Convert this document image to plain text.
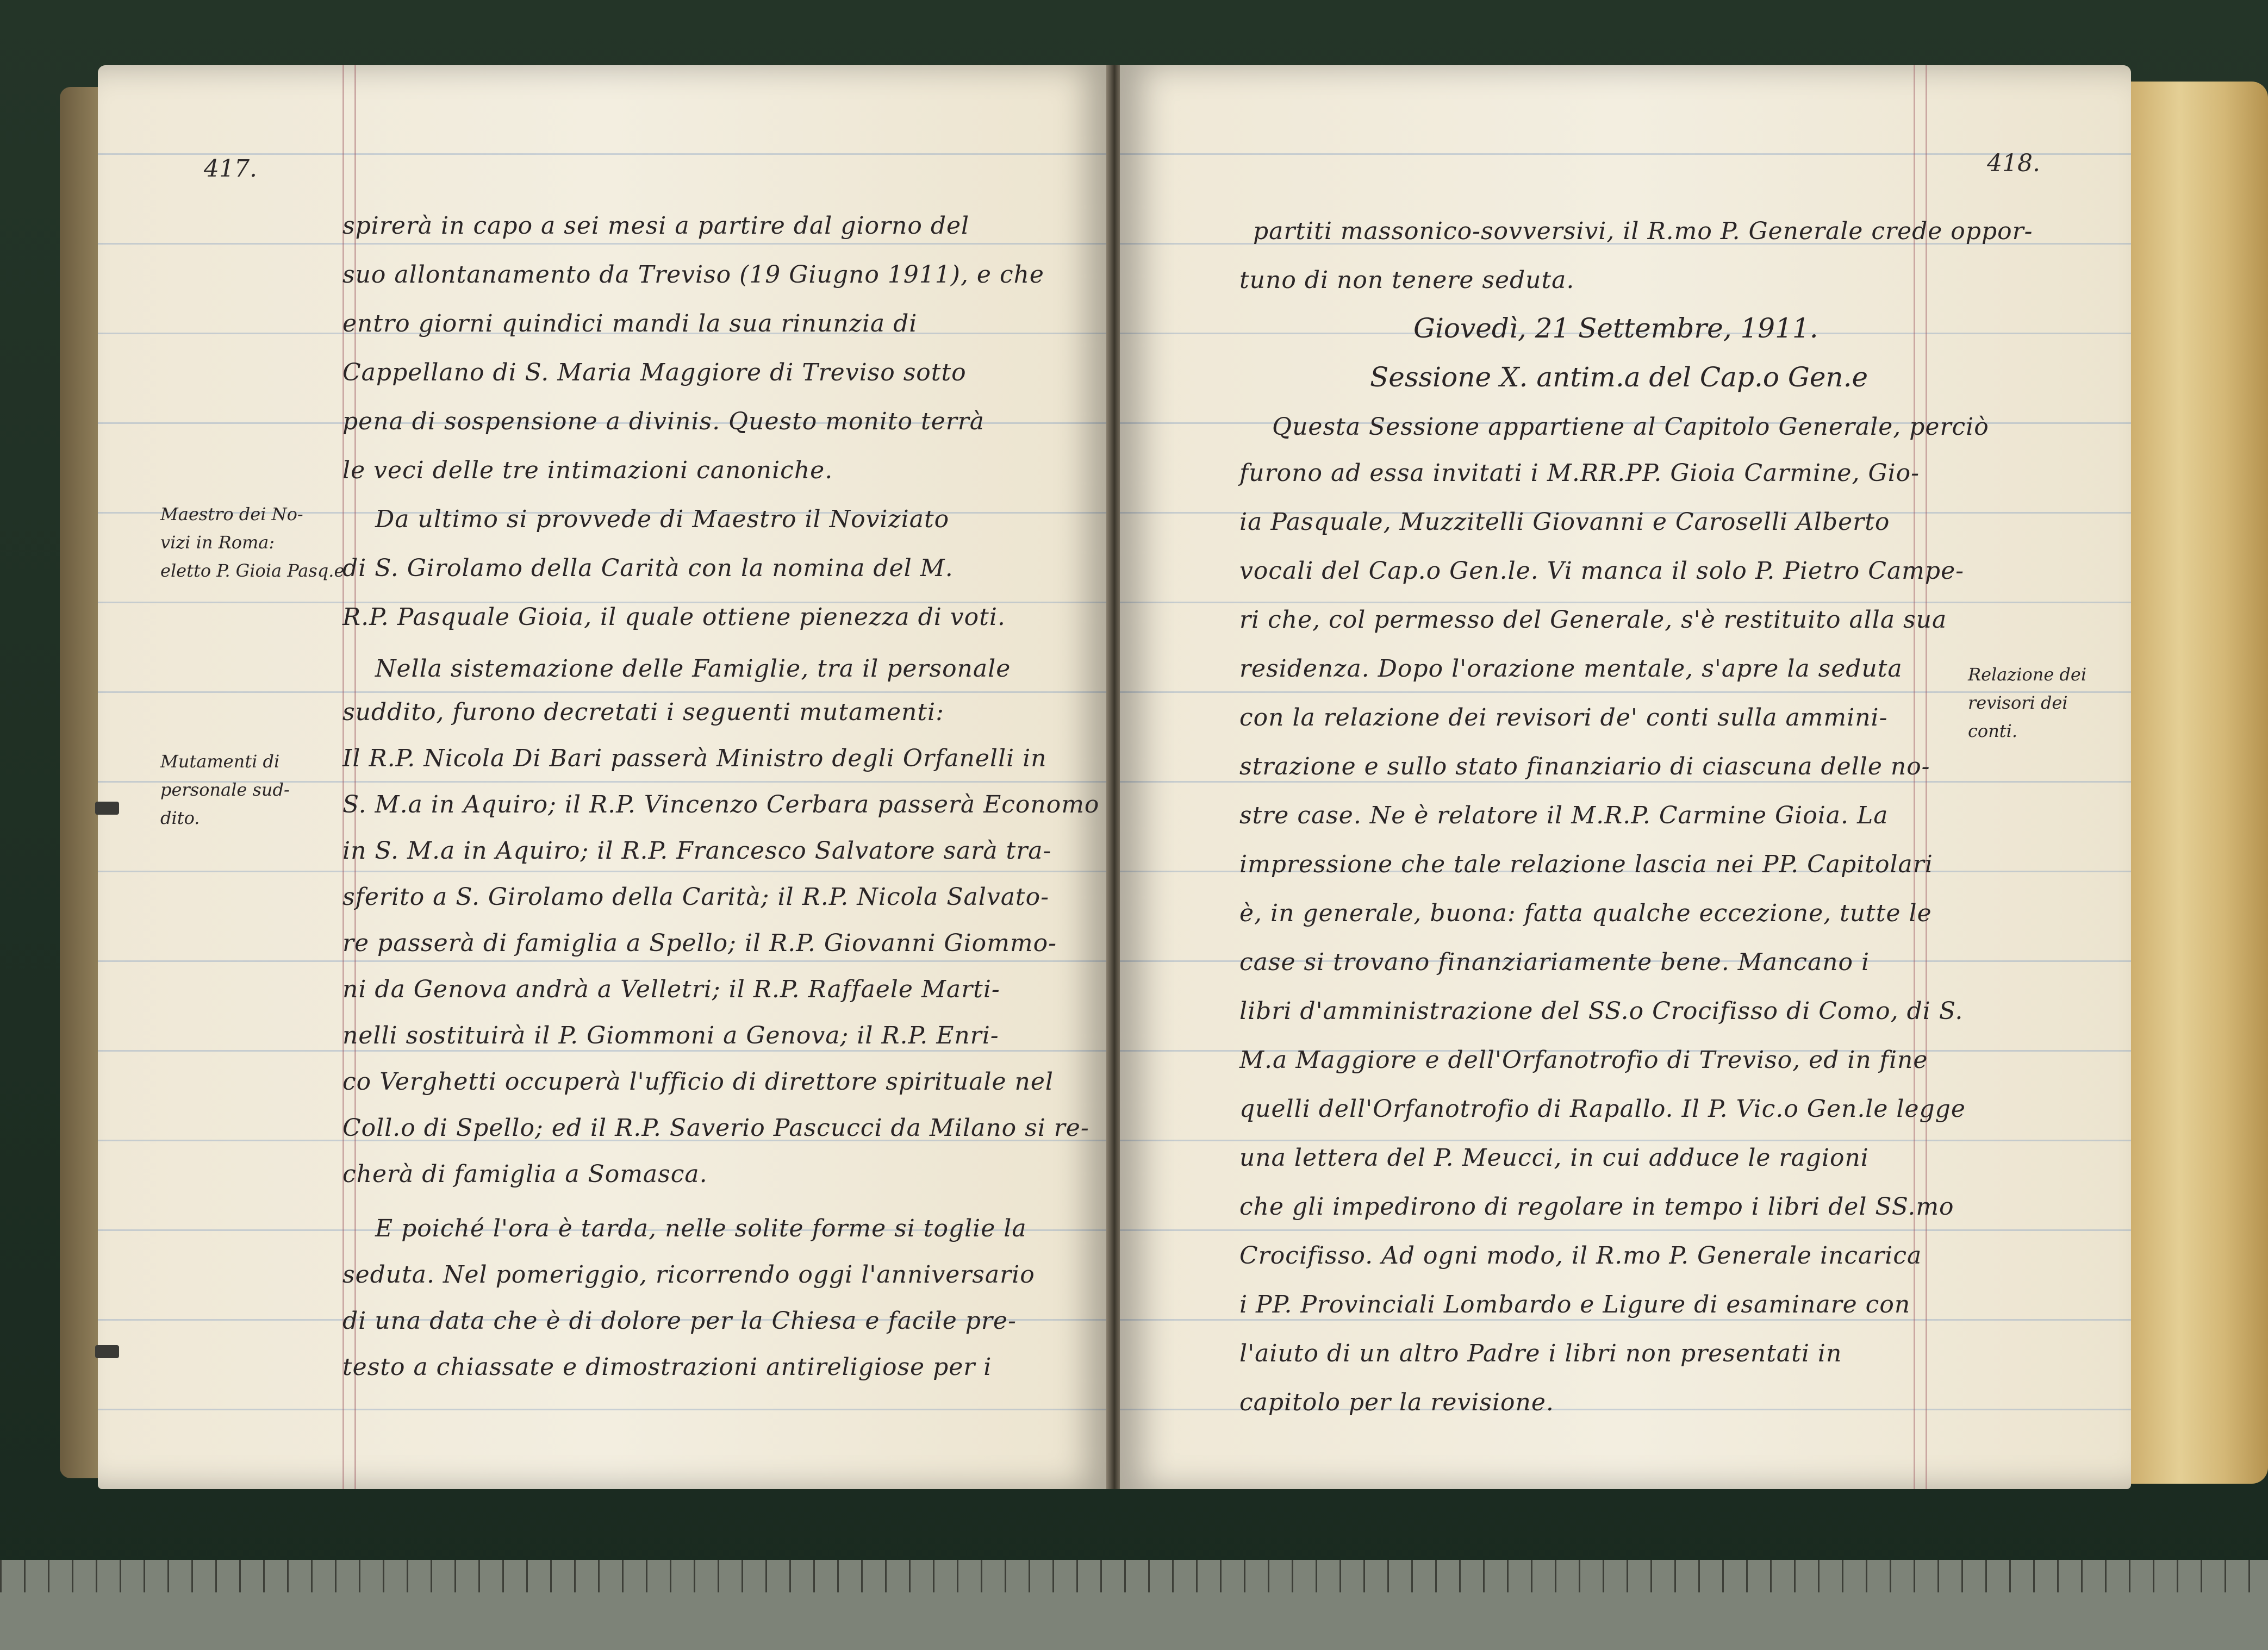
417.
Maestro dei No-
vizi in Roma:
eletto P. Gioia Pasq.e
Mutamenti di
personale sud-
dito.
spirerà in capo a sei mesi a partire dal giorno del
suo allontanamento da Treviso (19 Giugno 1911), e che
entro giorni quindici mandi la sua rinunzia di
Cappellano di S. Maria Maggiore di Treviso sotto
pena di sospensione a divinis. Questo monito terrà
le veci delle tre intimazioni canoniche.
Da ultimo si provvede di Maestro il Noviziato
di S. Girolamo della Carità con la nomina del M.
R.P. Pasquale Gioia, il quale ottiene pienezza di voti.
Nella sistemazione delle Famiglie, tra il personale
suddito, furono decretati i seguenti mutamenti:
Il R.P. Nicola Di Bari passerà Ministro degli Orfanelli in
S. M.a in Aquiro; il R.P. Vincenzo Cerbara passerà Economo
in S. M.a in Aquiro; il R.P. Francesco Salvatore sarà tra-
sferito a S. Girolamo della Carità; il R.P. Nicola Salvato-
re passerà di famiglia a Spello; il R.P. Giovanni Giommo-
ni da Genova andrà a Velletri; il R.P. Raffaele Marti-
nelli sostituirà il P. Giommoni a Genova; il R.P. Enri-
co Verghetti occuperà l'ufficio di direttore spirituale nel
Coll.o di Spello; ed il R.P. Saverio Pascucci da Milano si re-
cherà di famiglia a Somasca.
E poiché l'ora è tarda, nelle solite forme si toglie la
seduta. Nel pomeriggio, ricorrendo oggi l'anniversario
di una data che è di dolore per la Chiesa e facile pre-
testo a chiassate e dimostrazioni antireligiose per i
418.
Relazione dei
revisori dei
conti.
partiti massonico-sovversivi, il R.mo P. Generale crede oppor-
tuno di non tenere seduta.
Giovedì, 21 Settembre, 1911.
Sessione X. antim.a del Cap.o Gen.e
Questa Sessione appartiene al Capitolo Generale, perciò
furono ad essa invitati i M.RR.PP. Gioia Carmine, Gio-
ia Pasquale, Muzzitelli Giovanni e Caroselli Alberto
vocali del Cap.o Gen.le. Vi manca il solo P. Pietro Campe-
ri che, col permesso del Generale, s'è restituito alla sua
residenza. Dopo l'orazione mentale, s'apre la seduta
con la relazione dei revisori de' conti sulla ammini-
strazione e sullo stato finanziario di ciascuna delle no-
stre case. Ne è relatore il M.R.P. Carmine Gioia. La
impressione che tale relazione lascia nei PP. Capitolari
è, in generale, buona: fatta qualche eccezione, tutte le
case si trovano finanziariamente bene. Mancano i
libri d'amministrazione del SS.o Crocifisso di Como, di S.
M.a Maggiore e dell'Orfanotrofio di Treviso, ed in fine
quelli dell'Orfanotrofio di Rapallo. Il P. Vic.o Gen.le legge
una lettera del P. Meucci, in cui adduce le ragioni
che gli impedirono di regolare in tempo i libri del SS.mo
Crocifisso. Ad ogni modo, il R.mo P. Generale incarica
i PP. Provinciali Lombardo e Ligure di esaminare con
l'aiuto di un altro Padre i libri non presentati in
capitolo per la revisione.
